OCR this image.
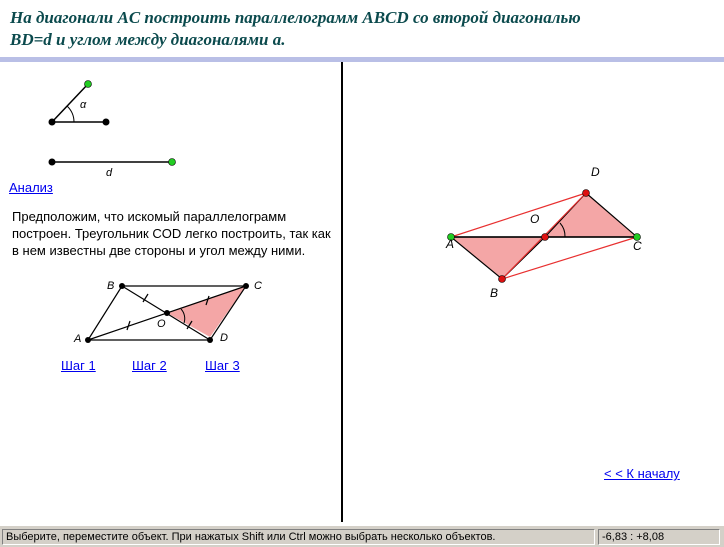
На диагонали AC построить параллелограмм ABCD со второй диагональю
BD=d и углом между диагоналями a.
α
d
A
B	C
D
O
Анализ
Предположим, что искомый параллелограмм построен. Треугольник COD легко построить, так как в нем известны две стороны и угол между ними.
Шаг 1	Шаг 2	Шаг 3
A	C
O
D
B
< < К началу
Выберите, переместите объект. При нажатых Shift или Ctrl можно выбрать несколько объектов.	-6,83 : +8,08
